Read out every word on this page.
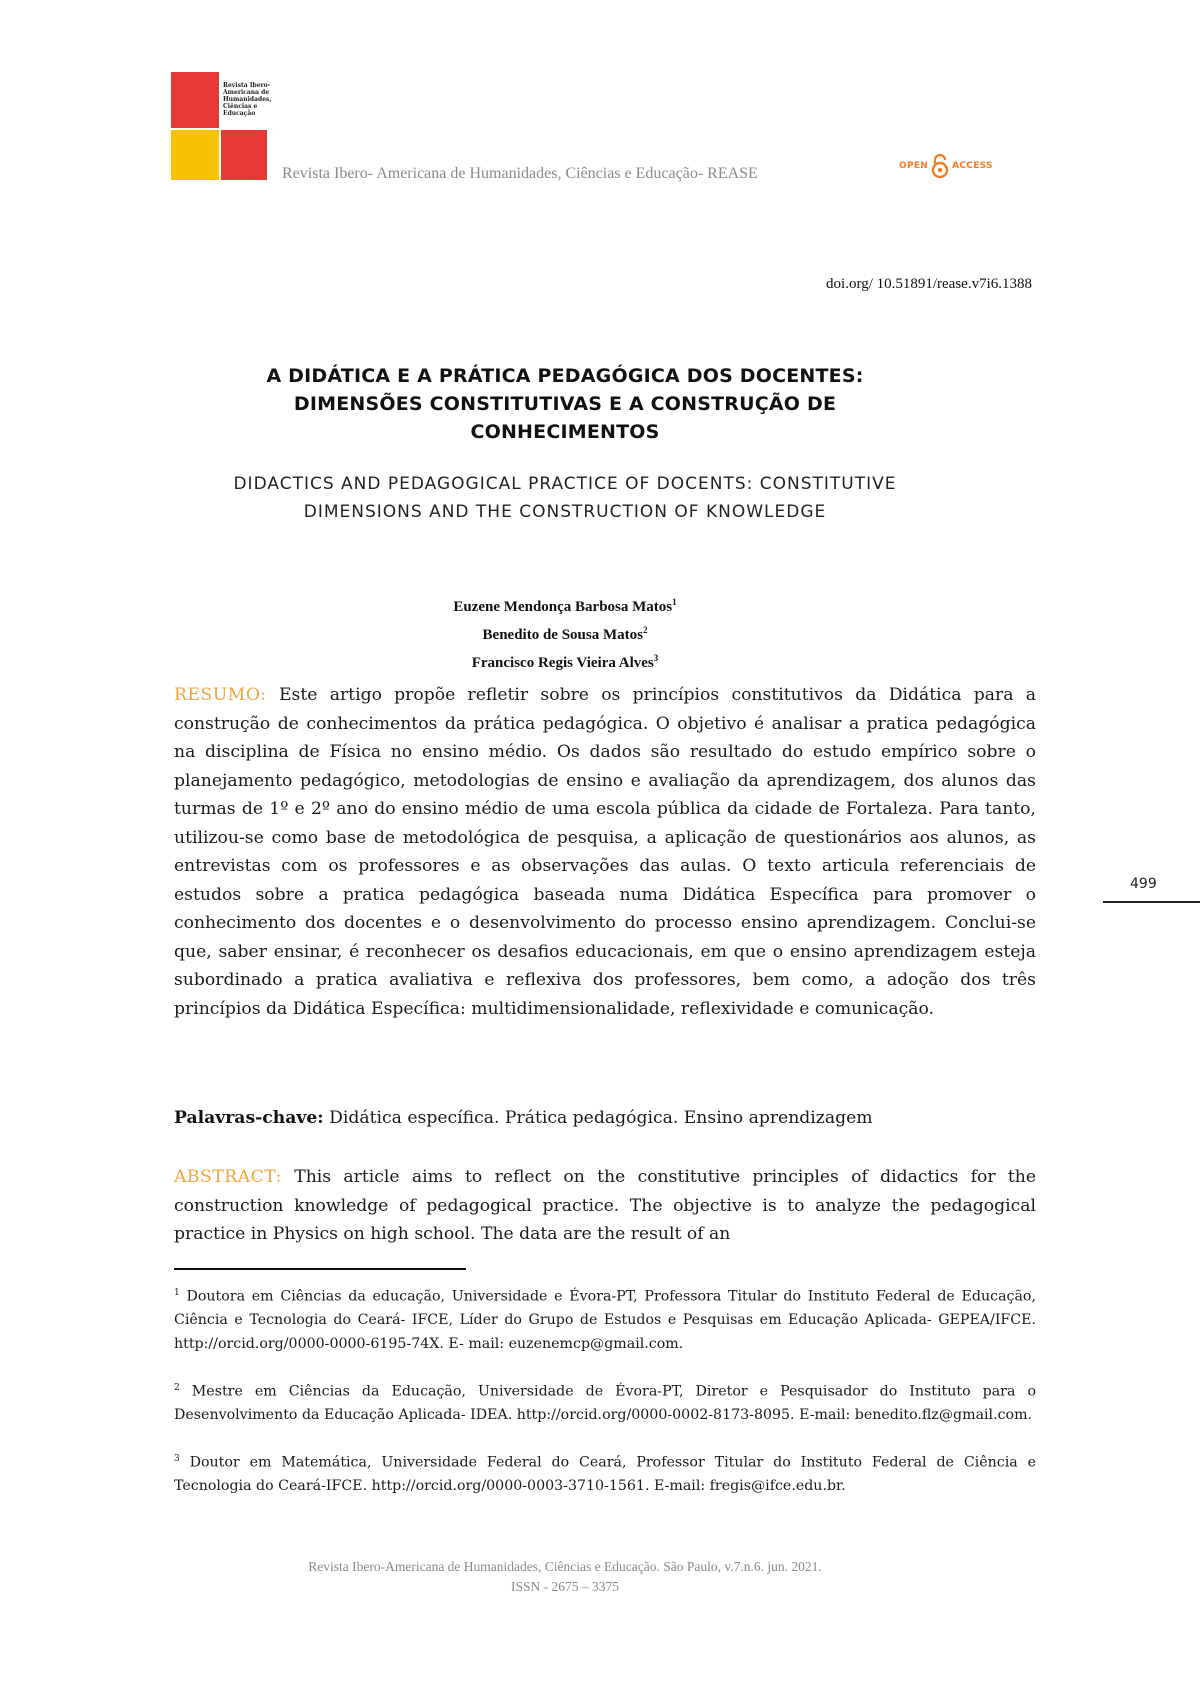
Revista Ibero-Americana de Humanidades, Ciências e Educação
Revista Ibero- Americana de Humanidades, Ciências e Educação- REASE	OPEN	ACCESS
doi.org/ 10.51891/rease.v7i6.1388
A DIDÁTICA E A PRÁTICA PEDAGÓGICA DOS DOCENTES:
DIMENSÕES CONSTITUTIVAS E A CONSTRUÇÃO DE
CONHECIMENTOS
DIDACTICS AND PEDAGOGICAL PRACTICE OF DOCENTS: CONSTITUTIVE
DIMENSIONS AND THE CONSTRUCTION OF KNOWLEDGE
Euzene Mendonça Barbosa Matos$^1$
Benedito de Sousa Matos$^2$
Francisco Regis Vieira Alves$^3$
RESUMO: Este artigo propõe refletir sobre os princípios constitutivos da Didática para a construção de conhecimentos da prática pedagógica. O objetivo é analisar a pratica pedagógica na disciplina de Física no ensino médio. Os dados são resultado do estudo empírico sobre o planejamento pedagógico, metodologias de ensino e avaliação da aprendizagem, dos alunos das turmas de 1º e 2º ano do ensino médio de uma escola pública da cidade de Fortaleza. Para tanto, utilizou-se como base de metodológica de pesquisa, a aplicação de questionários aos alunos, as entrevistas com os professores e as observações das aulas. O texto articula referenciais de estudos sobre a pratica pedagógica baseada numa Didática Específica para promover o conhecimento dos docentes e o desenvolvimento do processo ensino aprendizagem. Conclui-se que, saber ensinar, é reconhecer os desafios educacionais, em que o ensino aprendizagem esteja subordinado a pratica avaliativa e reflexiva dos professores, bem como, a adoção dos três princípios da Didática Específica: multidimensionalidade, reflexividade e comunicação.
Palavras-chave: Didática específica. Prática pedagógica. Ensino aprendizagem
ABSTRACT: This article aims to reflect on the constitutive principles of didactics for the construction knowledge of pedagogical practice. The objective is to analyze the pedagogical practice in Physics on high school. The data are the result of an
499
$^1$ Doutora em Ciências da educação, Universidade e Évora-PT, Professora Titular do Instituto Federal de Educação, Ciência e Tecnologia do Ceará- IFCE, Líder do Grupo de Estudos e Pesquisas em Educação Aplicada- GEPEA/IFCE. http://orcid.org/0000-0000-6195-74X. E- mail: euzenemcp@gmail.com.
$^2$ Mestre em Ciências da Educação, Universidade de Évora-PT, Diretor e Pesquisador do Instituto para o Desenvolvimento da Educação Aplicada- IDEA. http://orcid.org/0000-0002-8173-8095. E-mail: benedito.flz@gmail.com.
$^3$ Doutor em Matemática, Universidade Federal do Ceará, Professor Titular do Instituto Federal de Ciência e Tecnologia do Ceará-IFCE. http://orcid.org/0000-0003-3710-1561. E-mail: fregis@ifce.edu.br.
Revista Ibero-Americana de Humanidades, Ciências e Educação. São Paulo, v.7.n.6. jun. 2021.
ISSN - 2675 – 3375
